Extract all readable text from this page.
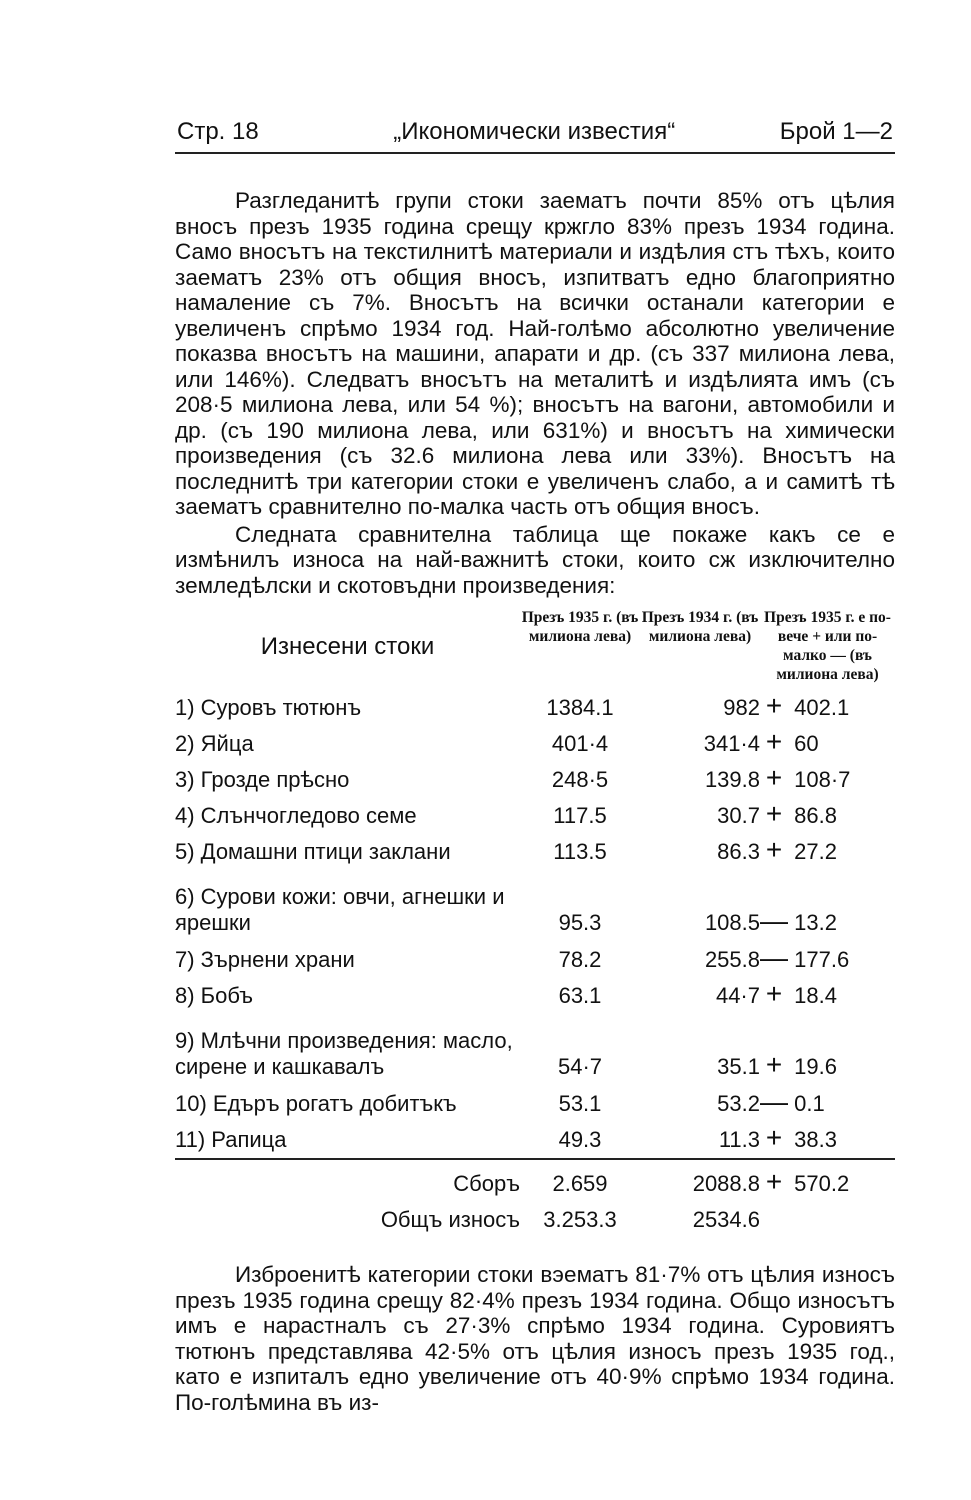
Стр. 18	„Икономически известия“	Брой 1—2

Разгледанитѣ групи стоки заематъ почти 85% отъ цѣлия вносъ презъ 1935 година срещу кржгло 83% презъ 1934 година. Само вносътъ на текстилнитѣ материали и издѣлия стъ тѣхъ, които заематъ 23% отъ общия вносъ, изпитватъ едно благоприятно намаление съ 7%. Вносътъ на всички останали категории е увеличенъ спрѣмо 1934 год. Най-голѣмо абсолютно увеличение показва вносътъ на машини, апарати и др. (съ 337 милиона лева, или 146%). Следватъ вносътъ на металитѣ и издѣлията имъ (съ 208·5 милиона лева, или 54 %); вносътъ на вагони, автомобили и др. (съ 190 милиона лева, или 631%) и вносътъ на химически произведения (съ 32.6 милиона лева или 33%). Вносътъ на последнитѣ три категории стоки е увеличенъ слабо, а и самитѣ тѣ заематъ сравнително по-малка часть отъ общия вносъ.

Следната сравнителна таблица ще покаже какъ се е измѣнилъ износа на най-важнитѣ стоки, които сж изключително земледѣлски и скотовъдни произведения:

Изнесени стоки	Презъ 1935 г. (въ милиона лева)	Презъ 1934 г. (въ милиона лева)	Презъ 1935 г. е по-вече + или по-малко — (въ милиона лева)
1) Суровъ тютюнъ	1384.1	982	+ 402.1
2) Яйца	401·4	341·4	+ 60
3) Грозде прѣсно	248·5	139.8	+ 108·7
4) Слънчогледово семе	117.5	30.7	+ 86.8
5) Домашни птици заклани	113.5	86.3	+ 27.2
6) Сурови кожи: овчи, агнешки и ярешки	95.3	108.5	— 13.2
7) Зърнени храни	78.2	255.8	— 177.6
8) Бобъ	63.1	44·7	+ 18.4
9) Млѣчни произведения: масло, сирене и кашкавалъ	54·7	35.1	+ 19.6
10) Едъръ рогатъ добитъкъ	53.1	53.2	— 0.1
11) Рапица	49.3	11.3	+ 38.3
Сборъ	2.659	2088.8	+ 570.2
Общъ износъ	3.253.3	2534.6	

Изброенитѣ категории стоки вэематъ 81·7% отъ цѣлия износъ презъ 1935 година срещу 82·4% презъ 1934 година. Общо износътъ имъ е нарастналъ съ 27·3% спрѣмо 1934 година. Суровиятъ тютюнъ представлява 42·5% отъ цѣлия износъ презъ 1935 год., като е изпиталъ едно увеличение отъ 40·9% спрѣмо 1934 година. По-голѣмина въ из-
